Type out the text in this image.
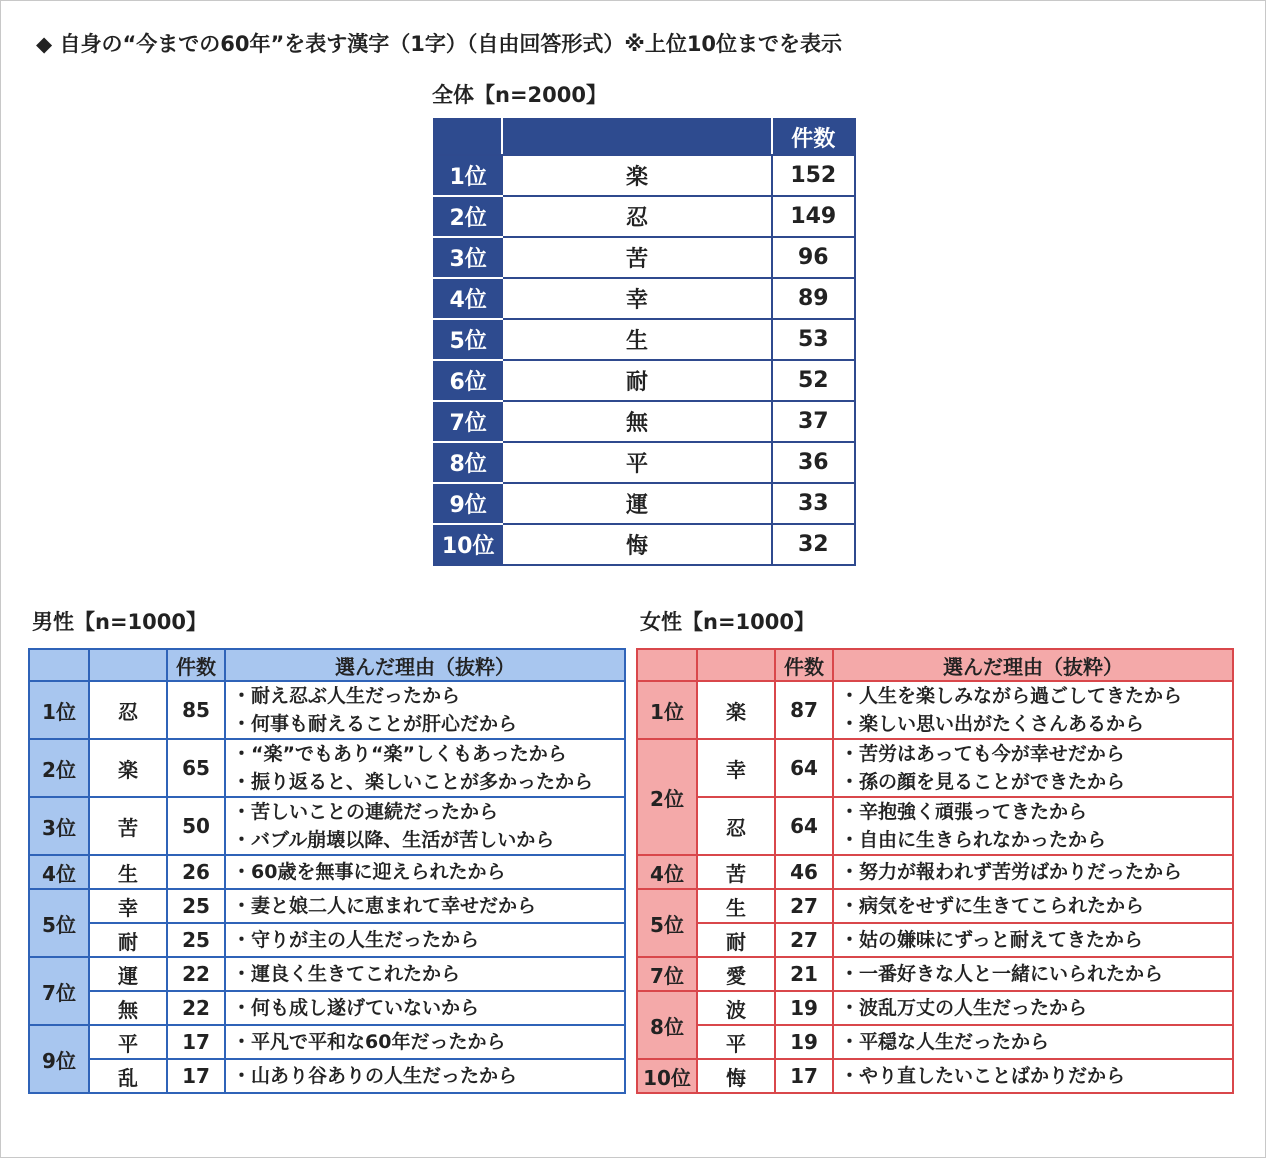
◆ 自身の“今までの60年”を表す漢字（1字）（自由回答形式）※上位10位までを表示
全体【n=2000】
		件数
1位	楽	152
2位	忍	149
3位	苦	96
4位	幸	89
5位	生	53
6位	耐	52
7位	無	37
8位	平	36
9位	運	33
10位	悔	32
男性【n=1000】
		件数	選んだ理由（抜粋）
1位	忍	85	・耐え忍ぶ人生だったから
・何事も耐えることが肝心だから

2位	楽	65	・“楽”でもあり“楽”しくもあったから
・振り返ると、楽しいことが多かったから

3位	苦	50	・苦しいことの連続だったから
・バブル崩壊以降、生活が苦しいから

4位	生	26	・60歳を無事に迎えられたから
5位	幸	25	・妻と娘二人に恵まれて幸せだから
	耐	25	・守りが主の人生だったから
7位	運	22	・運良く生きてこれたから
	無	22	・何も成し遂げていないから
9位	平	17	・平凡で平和な60年だったから
	乱	17	・山あり谷ありの人生だったから
女性【n=1000】
		件数	選んだ理由（抜粋）
1位	楽	87	・人生を楽しみながら過ごしてきたから
・楽しい思い出がたくさんあるから

2位	幸	64	・苦労はあっても今が幸せだから
・孫の顔を見ることができたから

	忍	64	・辛抱強く頑張ってきたから
・自由に生きられなかったから

4位	苦	46	・努力が報われず苦労ばかりだったから
5位	生	27	・病気をせずに生きてこられたから
	耐	27	・姑の嫌味にずっと耐えてきたから
7位	愛	21	・一番好きな人と一緒にいられたから
8位	波	19	・波乱万丈の人生だったから
	平	19	・平穏な人生だったから
10位	悔	17	・やり直したいことばかりだから
